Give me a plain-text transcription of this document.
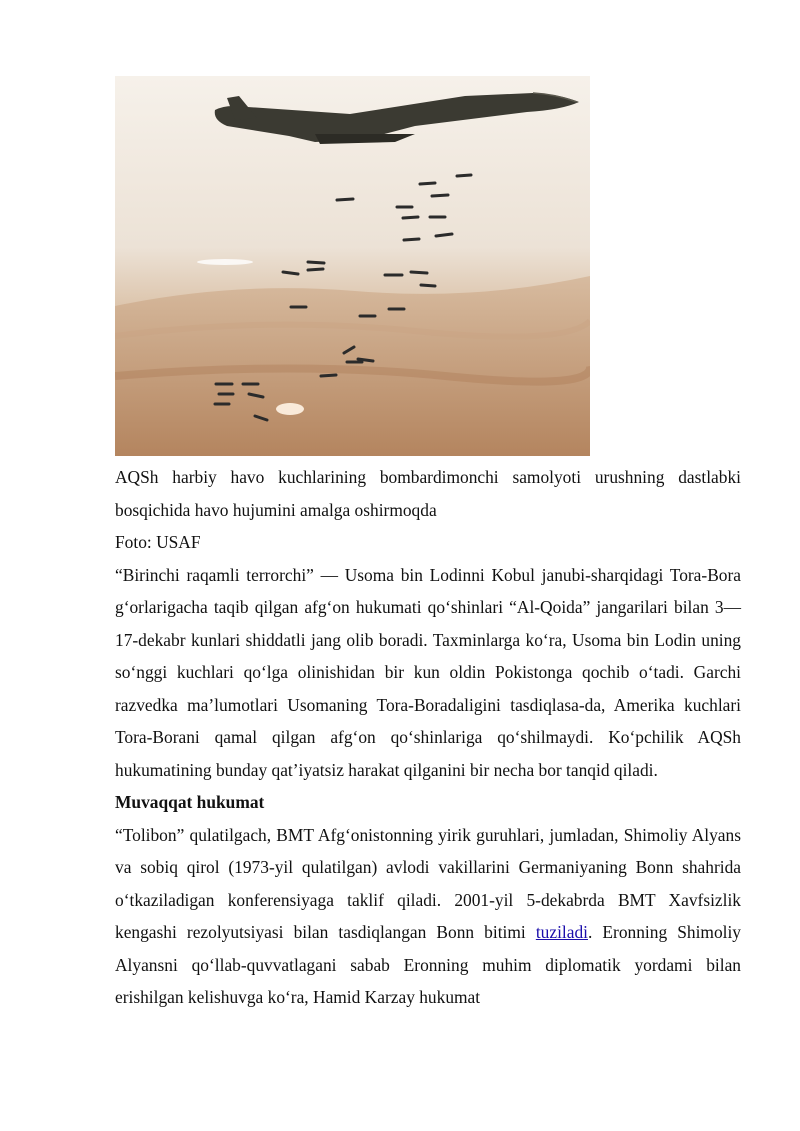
AQSh harbiy havo kuchlarining bombardimonchi samolyoti urushning dastlabki bosqichida havo hujumini amalga oshirmoqda

Foto: USAF

“Birinchi raqamli terrorchi” — Usoma bin Lodinni Kobul janubi-sharqidagi Tora-Bora g‘orlarigacha taqib qilgan afg‘on hukumati qo‘shinlari “Al-Qoida” jangarilari bilan 3—17-dekabr kunlari shiddatli jang olib boradi. Taxminlarga ko‘ra, Usoma bin Lodin uning so‘nggi kuchlari qo‘lga olinishidan bir kun oldin Pokistonga qochib o‘tadi. Garchi razvedka ma’lumotlari Usomaning Tora-Boradaligini tasdiqlasa-da, Amerika kuchlari Tora-Borani qamal qilgan afg‘on qo‘shinlariga qo‘shilmaydi. Ko‘pchilik AQSh hukumatining bunday qat’iyatsiz harakat qilganini bir necha bor tanqid qiladi.

Muvaqqat hukumat

“Tolibon” qulatilgach, BMT Afg‘onistonning yirik guruhlari, jumladan, Shimoliy Alyans va sobiq qirol (1973-yil qulatilgan) avlodi vakillarini Germaniyaning Bonn shahrida o‘tkaziladigan konferensiyaga taklif qiladi. 2001-yil 5-dekabrda BMT Xavfsizlik kengashi rezolyutsiyasi bilan tasdiqlangan Bonn bitimi tuziladi. Eronning Shimoliy Alyansni qo‘llab-quvvatlagani sabab Eronning muhim diplomatik yordami bilan erishilgan kelishuvga ko‘ra, Hamid Karzay hukumat
